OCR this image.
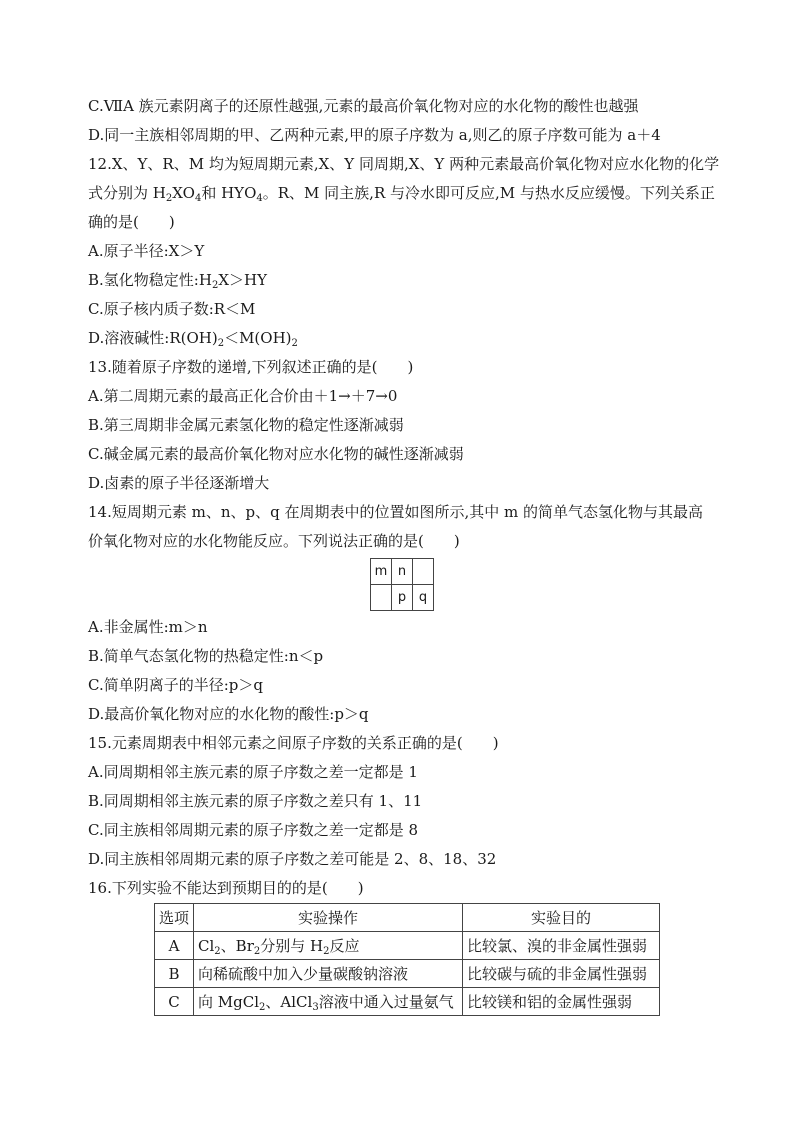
C.ⅦA 族元素阴离子的还原性越强,元素的最高价氧化物对应的水化物的酸性也越强
D.同一主族相邻周期的甲、乙两种元素,甲的原子序数为 a,则乙的原子序数可能为 a＋4
12.X、Y、R、M 均为短周期元素,X、Y 同周期,X、Y 两种元素最高价氧化物对应水化物的化学式分别为 $H_2XO_4$和 $HYO_4$。R、M 同主族,R 与冷水即可反应,M 与热水反应缓慢。下列关系正确的是(　　)
A.原子半径:X＞Y
B.氢化物稳定性$:H_2X>HY$
C.原子核内质子数:R＜M
D.溶液碱性$:R(OH)_2<M(OH)_2$
13.随着原子序数的递增,下列叙述正确的是(　　)
A.第二周期元素的最高正化合价由＋1→＋7→0
B.第三周期非金属元素氢化物的稳定性逐渐减弱
C.碱金属元素的最高价氧化物对应水化物的碱性逐渐减弱
D.卤素的原子半径逐渐增大
14.短周期元素 m、n、p、q 在周期表中的位置如图所示,其中 m 的简单气态氢化物与其最高
价氧化物对应的水化物能反应。下列说法正确的是(　　)
m	n	
	p	q
A.非金属性:m＞n
B.简单气态氢化物的热稳定性:n＜p
C.简单阴离子的半径:p＞q
D.最高价氧化物对应的水化物的酸性:p＞q
15.元素周期表中相邻元素之间原子序数的关系正确的是(　　)
A.同周期相邻主族元素的原子序数之差一定都是 1
B.同周期相邻主族元素的原子序数之差只有 1、11
C.同主族相邻周期元素的原子序数之差一定都是 8
D.同主族相邻周期元素的原子序数之差可能是 2、8、18、32
16.下列实验不能达到预期目的的是(　　)
选项	实验操作	实验目的
A	$Cl_2$、$Br_2$分别与 $H_2$反应	比较氯、溴的非金属性强弱
B	向稀硫酸中加入少量碳酸钠溶液	比较碳与硫的非金属性强弱
C	向 MgCl$_2$、AlCl$_3$溶液中通入过量氨气	比较镁和铝的金属性强弱
